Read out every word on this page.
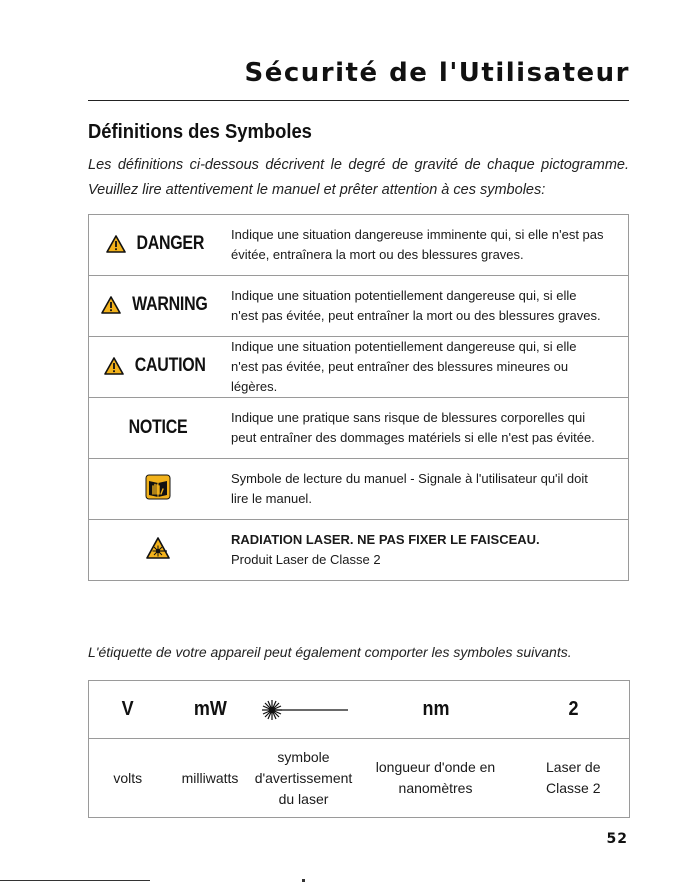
Sécurité de l'Utilisateur
Définitions des Symboles

Les définitions ci-dessous décrivent le degré de gravité de chaque pictogramme. Veuillez lire attentivement le manuel et prêter attention à ces symboles:

DANGER	Indique une situation dangereuse imminente qui, si elle n'est pas évitée, entraînera la mort ou des blessures graves.

WARNING	Indique une situation potentiellement dangereuse qui, si elle n'est pas évitée, peut entraîner la mort ou des blessures graves.

CAUTION	Indique une situation potentiellement dangereuse qui, si elle n'est pas évitée, peut entraîner des blessures mineures ou légères.
NOTICE	Indique une pratique sans risque de blessures corporelles qui peut entraîner des dommages matériels si elle n'est pas évitée.

	Symbole de lecture du manuel - Signale à l'utilisateur qu'il doit lire le manuel.

	RADIATION LASER. NE PAS FIXER LE FAISCEAU.
Produit Laser de Classe 2

L'étiquette de votre appareil peut également comporter les symboles suivants.

V	mW		nm	2
volts	milliwatts	symbole d'avertissement du laser	longueur d'onde en nanomètres	Laser de Classe 2

52
